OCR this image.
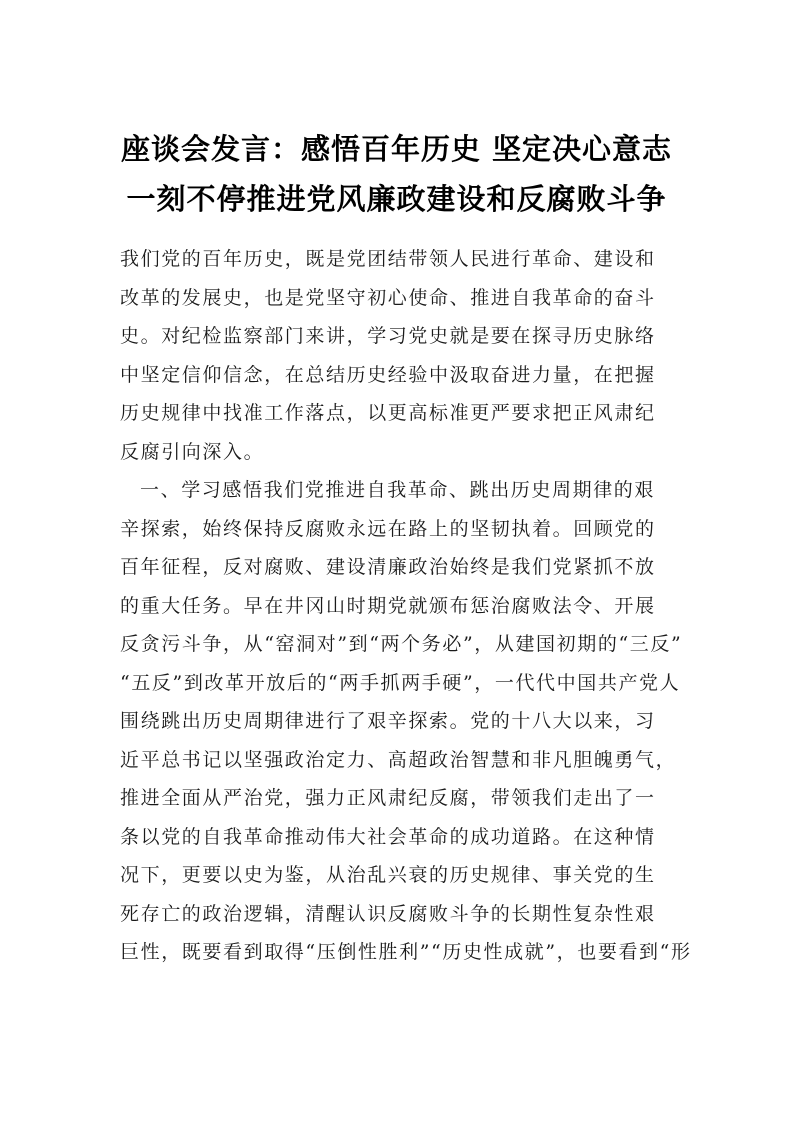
座谈会发言：感悟百年历史 坚定决心意志
一刻不停推进党风廉政建设和反腐败斗争
我们党的百年历史，既是党团结带领人民进行革命、建设和
改革的发展史，也是党坚守初心使命、推进自我革命的奋斗
史。对纪检监察部门来讲，学习党史就是要在探寻历史脉络
中坚定信仰信念，在总结历史经验中汲取奋进力量，在把握
历史规律中找准工作落点，以更高标准更严要求把正风肃纪
反腐引向深入。
一、学习感悟我们党推进自我革命、跳出历史周期律的艰
辛探索，始终保持反腐败永远在路上的坚韧执着。回顾党的
百年征程，反对腐败、建设清廉政治始终是我们党紧抓不放
的重大任务。早在井冈山时期党就颁布惩治腐败法令、开展
反贪污斗争，从“窑洞对”到“两个务必”，从建国初期的“三反”
“五反”到改革开放后的“两手抓两手硬”，一代代中国共产党人
围绕跳出历史周期律进行了艰辛探索。党的十八大以来，习
近平总书记以坚强政治定力、高超政治智慧和非凡胆魄勇气，
推进全面从严治党，强力正风肃纪反腐，带领我们走出了一
条以党的自我革命推动伟大社会革命的成功道路。在这种情
况下，更要以史为鉴，从治乱兴衰的历史规律、事关党的生
死存亡的政治逻辑，清醒认识反腐败斗争的长期性复杂性艰
巨性，既要看到取得“压倒性胜利”“历史性成就”，也要看到“形
